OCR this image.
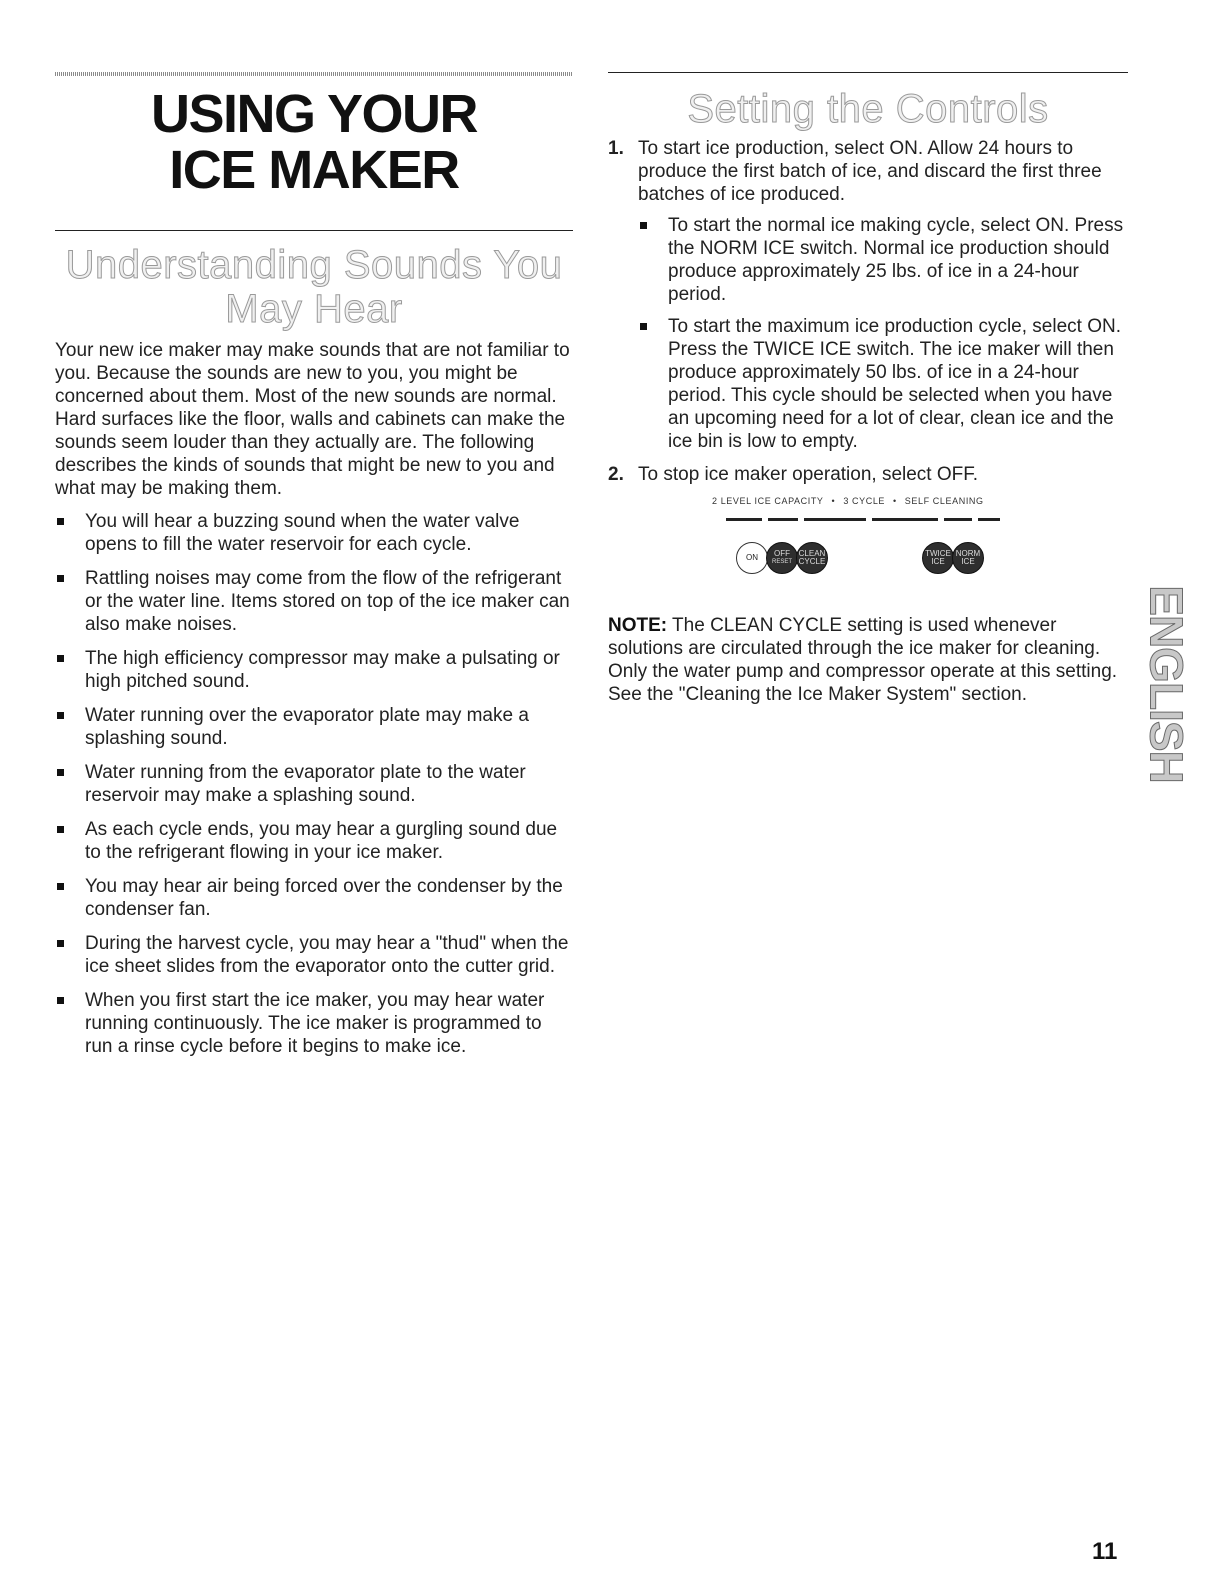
USING YOUR
ICE MAKER
Understanding Sounds You May Hear

Your new ice maker may make sounds that are not familiar to you. Because the sounds are new to you, you might be concerned about them. Most of the new sounds are normal. Hard surfaces like the floor, walls and cabinets can make the sounds seem louder than they actually are. The following describes the kinds of sounds that might be new to you and what may be making them.

You will hear a buzzing sound when the water valve opens to fill the water reservoir for each cycle.
Rattling noises may come from the flow of the refrigerant or the water line. Items stored on top of the ice maker can also make noises.
The high efficiency compressor may make a pulsating or high pitched sound.
Water running over the evaporator plate may make a splashing sound.
Water running from the evaporator plate to the water reservoir may make a splashing sound.
As each cycle ends, you may hear a gurgling sound due to the refrigerant flowing in your ice maker.
You may hear air being forced over the condenser by the condenser fan.
During the harvest cycle, you may hear a "thud" when the ice sheet slides from the evaporator onto the cutter grid.
When you first start the ice maker, you may hear water running continuously. The ice maker is programmed to run a rinse cycle before it begins to make ice.
Setting the Controls
1. To start ice production, select ON. Allow 24 hours to produce the first batch of ice, and discard the first three batches of ice produced.
To start the normal ice making cycle, select ON. Press the NORM ICE switch. Normal ice production should produce approximately 25 lbs. of ice in a 24-hour period.
To start the maximum ice production cycle, select ON. Press the TWICE ICE switch. The ice maker will then produce approximately 50 lbs. of ice in a 24-hour period. This cycle should be selected when you have an upcoming need for a lot of clear, clean ice and the ice bin is low to empty.
2. To stop ice maker operation, select OFF.
2 LEVEL ICE CAPACITY • 3 CYCLE • SELF CLEANING
ON OFF
RESET
CLEAN
CYCLE
TWICE
ICE
NORM
ICE

NOTE: The CLEAN CYCLE setting is used whenever solutions are circulated through the ice maker for cleaning. Only the water pump and compressor operate at this setting. See the "Cleaning the Ice Maker System" section.	ENGLISH
11
